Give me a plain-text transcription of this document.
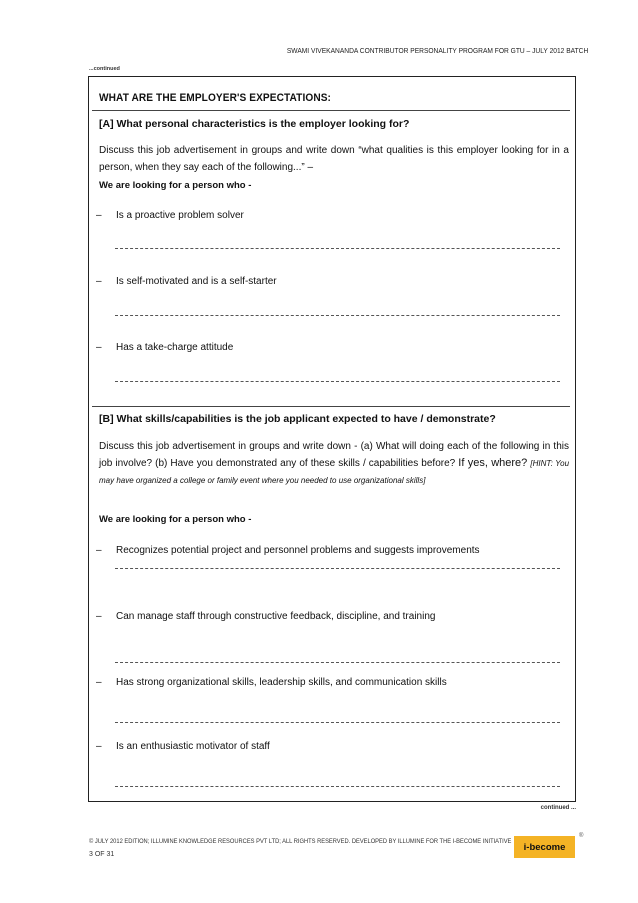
SWAMI VIVEKANANDA CONTRIBUTOR PERSONALITY PROGRAM FOR GTU – JULY 2012 BATCH
...continued
WHAT ARE THE EMPLOYER'S EXPECTATIONS:
[A] What personal characteristics is the employer looking for?
Discuss this job advertisement in groups and write down “what qualities is this employer looking for in a person, when they say each of the following...” –
We are looking for a person who -
– Is a proactive problem solver
– Is self-motivated and is a self-starter
– Has a take-charge attitude
[B] What skills/capabilities is the job applicant expected to have / demonstrate?
Discuss this job advertisement in groups and write down - (a) What will doing each of the following in this job involve? (b) Have you demonstrated any of these skills / capabilities before? If yes, where? [HINT: You may have organized a college or family event where you needed to use organizational skills]
We are looking for a person who -
– Recognizes potential project and personnel problems and suggests improvements
– Can manage staff through constructive feedback, discipline, and training
– Has strong organizational skills, leadership skills, and communication skills
– Is an enthusiastic motivator of staff
continued ...
© JULY 2012 EDITION; ILLUMINE KNOWLEDGE RESOURCES PVT LTD; ALL RIGHTS RESERVED. DEVELOPED BY ILLUMINE FOR THE I-BECOME INITIATIVE
3 OF 31
i-become
®
